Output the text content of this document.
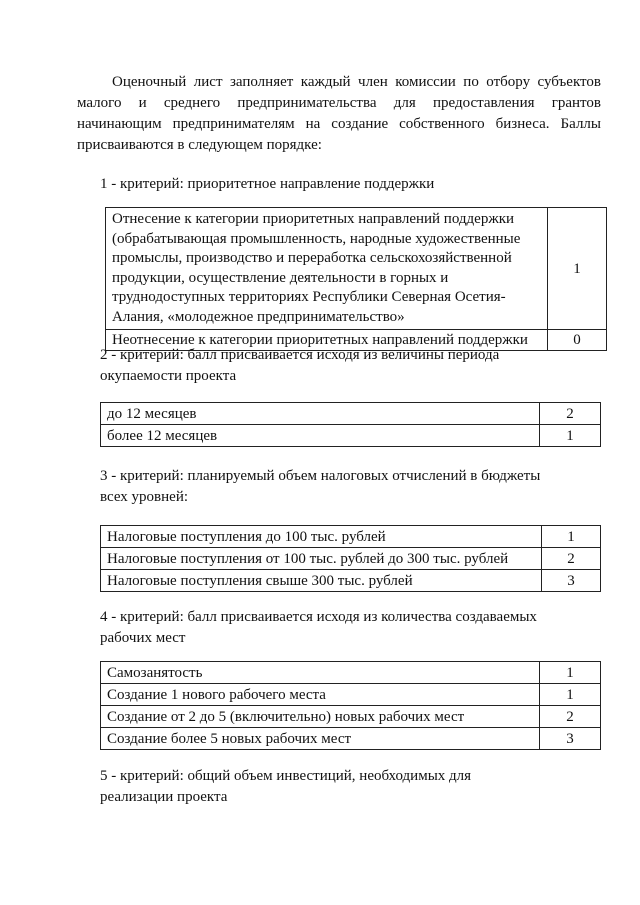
Оценочный лист заполняет каждый член комиссии по отбору субъектов малого и среднего предпринимательства для предоставления грантов начинающим предпринимателям на создание собственного бизнеса. Баллы присваиваются в следующем порядке:

1 - критерий: приоритетное направление поддержки

Отнесение к категории приоритетных направлений поддержки (обрабатывающая промышленность, народные художественные промыслы, производство и переработка сельскохозяйственной продукции, осуществление деятельности в горных и труднодоступных территориях Республики Северная Осетия-Алания, «молодежное предпринимательство»	1
Неотнесение к категории приоритетных направлений поддержки	0

2 - критерий: балл присваивается исходя из величины периода окупаемости проекта

до 12 месяцев	2
более 12 месяцев	1

3 - критерий: планируемый объем налоговых отчислений в бюджеты всех уровней:

Налоговые поступления до 100 тыс. рублей	1
Налоговые поступления от 100 тыс. рублей до 300 тыс. рублей	2
Налоговые поступления свыше 300 тыс. рублей	3

4 - критерий: балл присваивается исходя из количества создаваемых рабочих мест

Самозанятость	1
Создание 1 нового рабочего места	1
Создание от 2 до 5 (включительно) новых рабочих мест	2
Создание более 5 новых рабочих мест	3

5 - критерий: общий объем инвестиций, необходимых для реализации проекта
